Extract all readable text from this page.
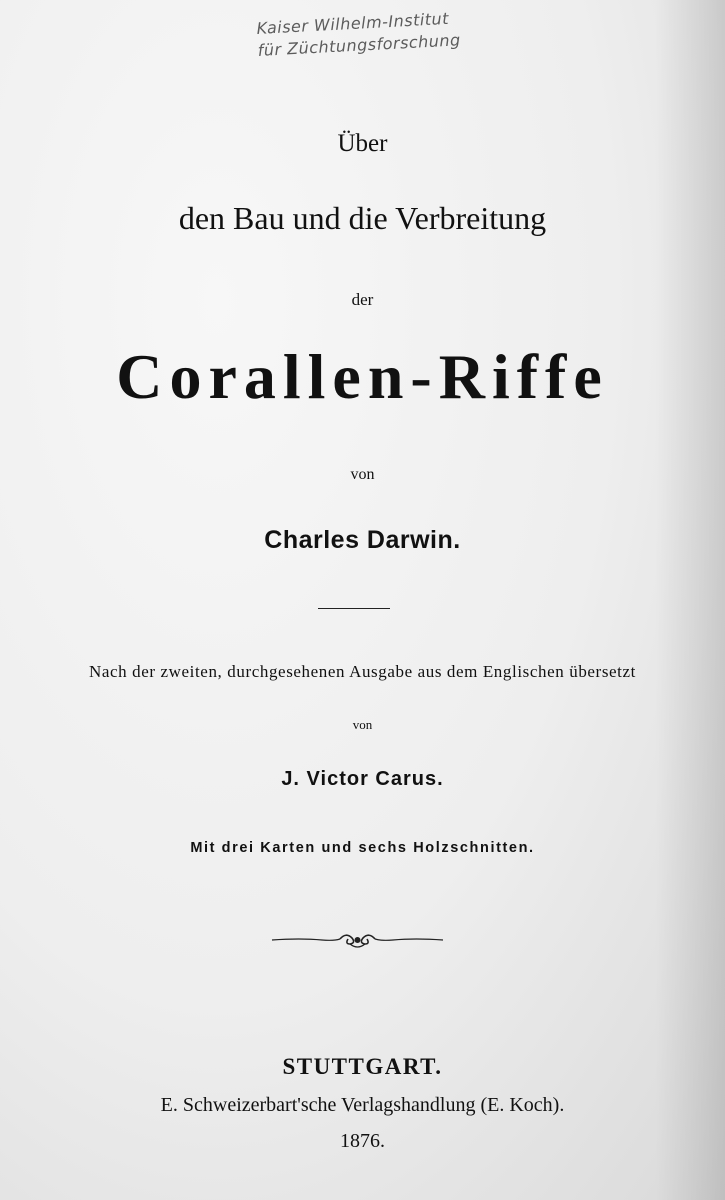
Kaiser Wilhelm-Institut
für Züchtungsforschung
Über
den Bau und die Verbreitung
der
Corallen-Riffe
von
Charles Darwin.
Nach der zweiten, durchgesehenen Ausgabe aus dem Englischen übersetzt
von
J. Victor Carus.
Mit drei Karten und sechs Holzschnitten.
STUTTGART.
E. Schweizerbart'sche Verlagshandlung (E. Koch).
1876.
